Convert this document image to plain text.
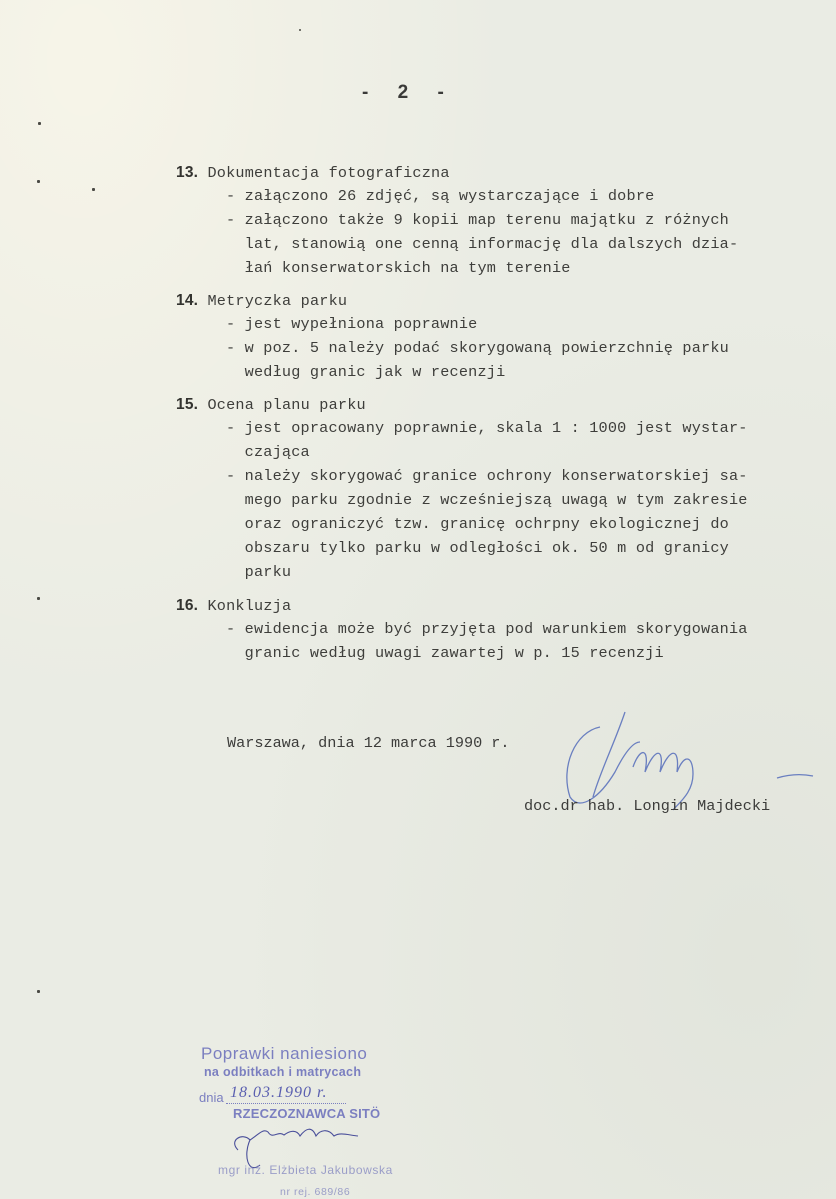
- 2 -
13. Dokumentacja fotograficzna
- załączono 26 zdjęć, są wystarczające i dobre
- załączono także 9 kopii map terenu majątku z różnych
lat, stanowią one cenną informację dla dalszych dzia-
łań konserwatorskich na tym terenie
14. Metryczka parku
- jest wypełniona poprawnie
- w poz. 5 należy podać skorygowaną powierzchnię parku
według granic jak w recenzji
15. Ocena planu parku
- jest opracowany poprawnie, skala 1 : 1000 jest wystar-
czająca
- należy skorygować granice ochrony konserwatorskiej sa-
mego parku zgodnie z wcześniejszą uwagą w tym zakresie
oraz ograniczyć tzw. granicę ochrpny ekologicznej do
obszaru tylko parku w odległości ok. 50 m od granicy
parku
16. Konkluzja
- ewidencja może być przyjęta pod warunkiem skorygowania
granic według uwagi zawartej w p. 15 recenzji
Warszawa, dnia 12 marca 1990 r.
doc.dr hab. Longin Majdecki
Poprawki naniesiono
na odbitkach i matrycach
dnia 18.03.1990 r.
RZECZOZNAWCA SITÖ
mgr inż. Elżbieta Jakubowska
nr rej. 689/86
